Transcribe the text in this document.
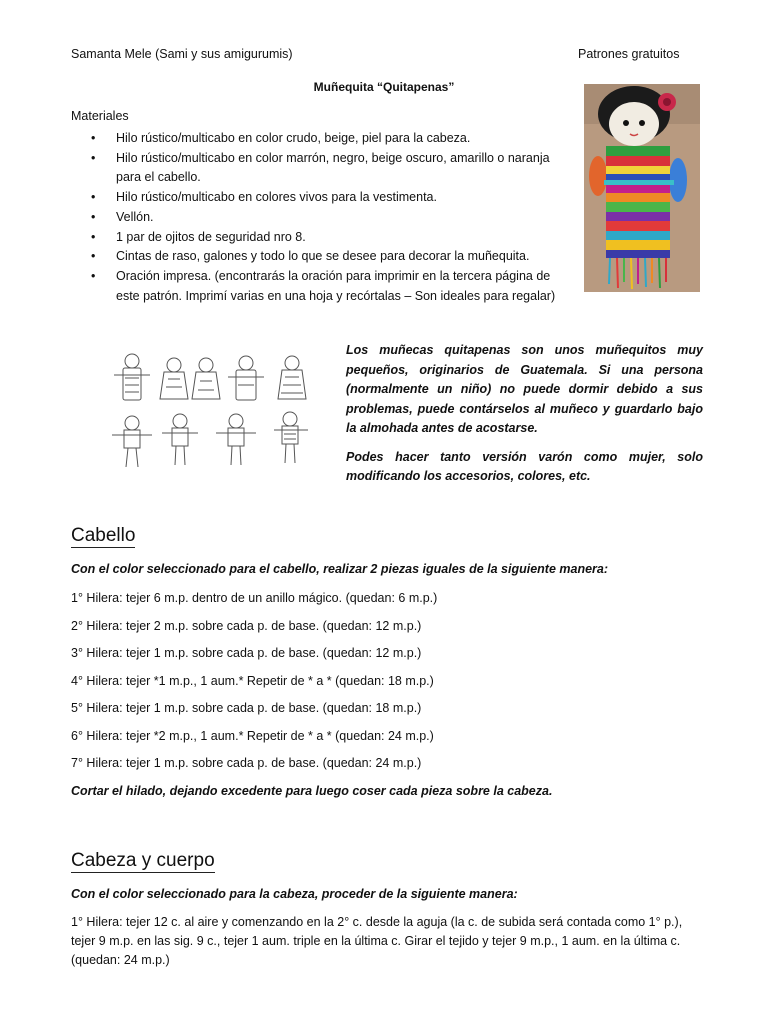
Samanta Mele (Sami y sus amigurumis)	Patrones gratuitos
Muñequita “Quitapenas”
Materiales
• Hilo rústico/multicabo en color crudo, beige, piel para la cabeza.
• Hilo rústico/multicabo en color marrón, negro, beige oscuro, amarillo o naranja para el cabello.
• Hilo rústico/multicabo en colores vivos para la vestimenta.
• Vellón.
• 1 par de ojitos de seguridad nro 8.
• Cintas de raso, galones y todo lo que se desee para decorar la muñequita.
• Oración impresa. (encontrarás la oración para imprimir en la tercera página de este patrón. Imprimí varias en una hoja y recórtalas – Son ideales para regalar)

Los muñecas quitapenas son unos muñequitos muy pequeños, originarios de Guatemala. Si una persona (normalmente un niño) no puede dormir debido a sus problemas, puede contárselos al muñeco y guardarlo bajo la almohada antes de acostarse.

Podes hacer tanto versión varón como mujer, solo modificando los accesorios, colores, etc.

Cabello
Con el color seleccionado para el cabello, realizar 2 piezas iguales de la siguiente manera:
1° Hilera: tejer 6 m.p. dentro de un anillo mágico. (quedan: 6 m.p.)
2° Hilera: tejer 2 m.p. sobre cada p. de base. (quedan: 12 m.p.)
3° Hilera: tejer 1 m.p. sobre cada p. de base. (quedan: 12 m.p.)
4° Hilera: tejer *1 m.p., 1 aum.* Repetir de * a * (quedan: 18 m.p.)
5° Hilera: tejer 1 m.p. sobre cada p. de base. (quedan: 18 m.p.)
6° Hilera: tejer *2 m.p., 1 aum.* Repetir de * a * (quedan: 24 m.p.)
7° Hilera: tejer 1 m.p. sobre cada p. de base. (quedan: 24 m.p.)
Cortar el hilado, dejando excedente para luego coser cada pieza sobre la cabeza.
Cabeza y cuerpo
Con el color seleccionado para la cabeza, proceder de la siguiente manera:
1° Hilera: tejer 12 c. al aire y comenzando en la 2° c. desde la aguja (la c. de subida será contada como 1° p.), tejer 9 m.p. en las sig. 9 c., tejer 1 aum. triple en la última c. Girar el tejido y tejer 9 m.p., 1 aum. en la última c. (quedan: 24 m.p.)
